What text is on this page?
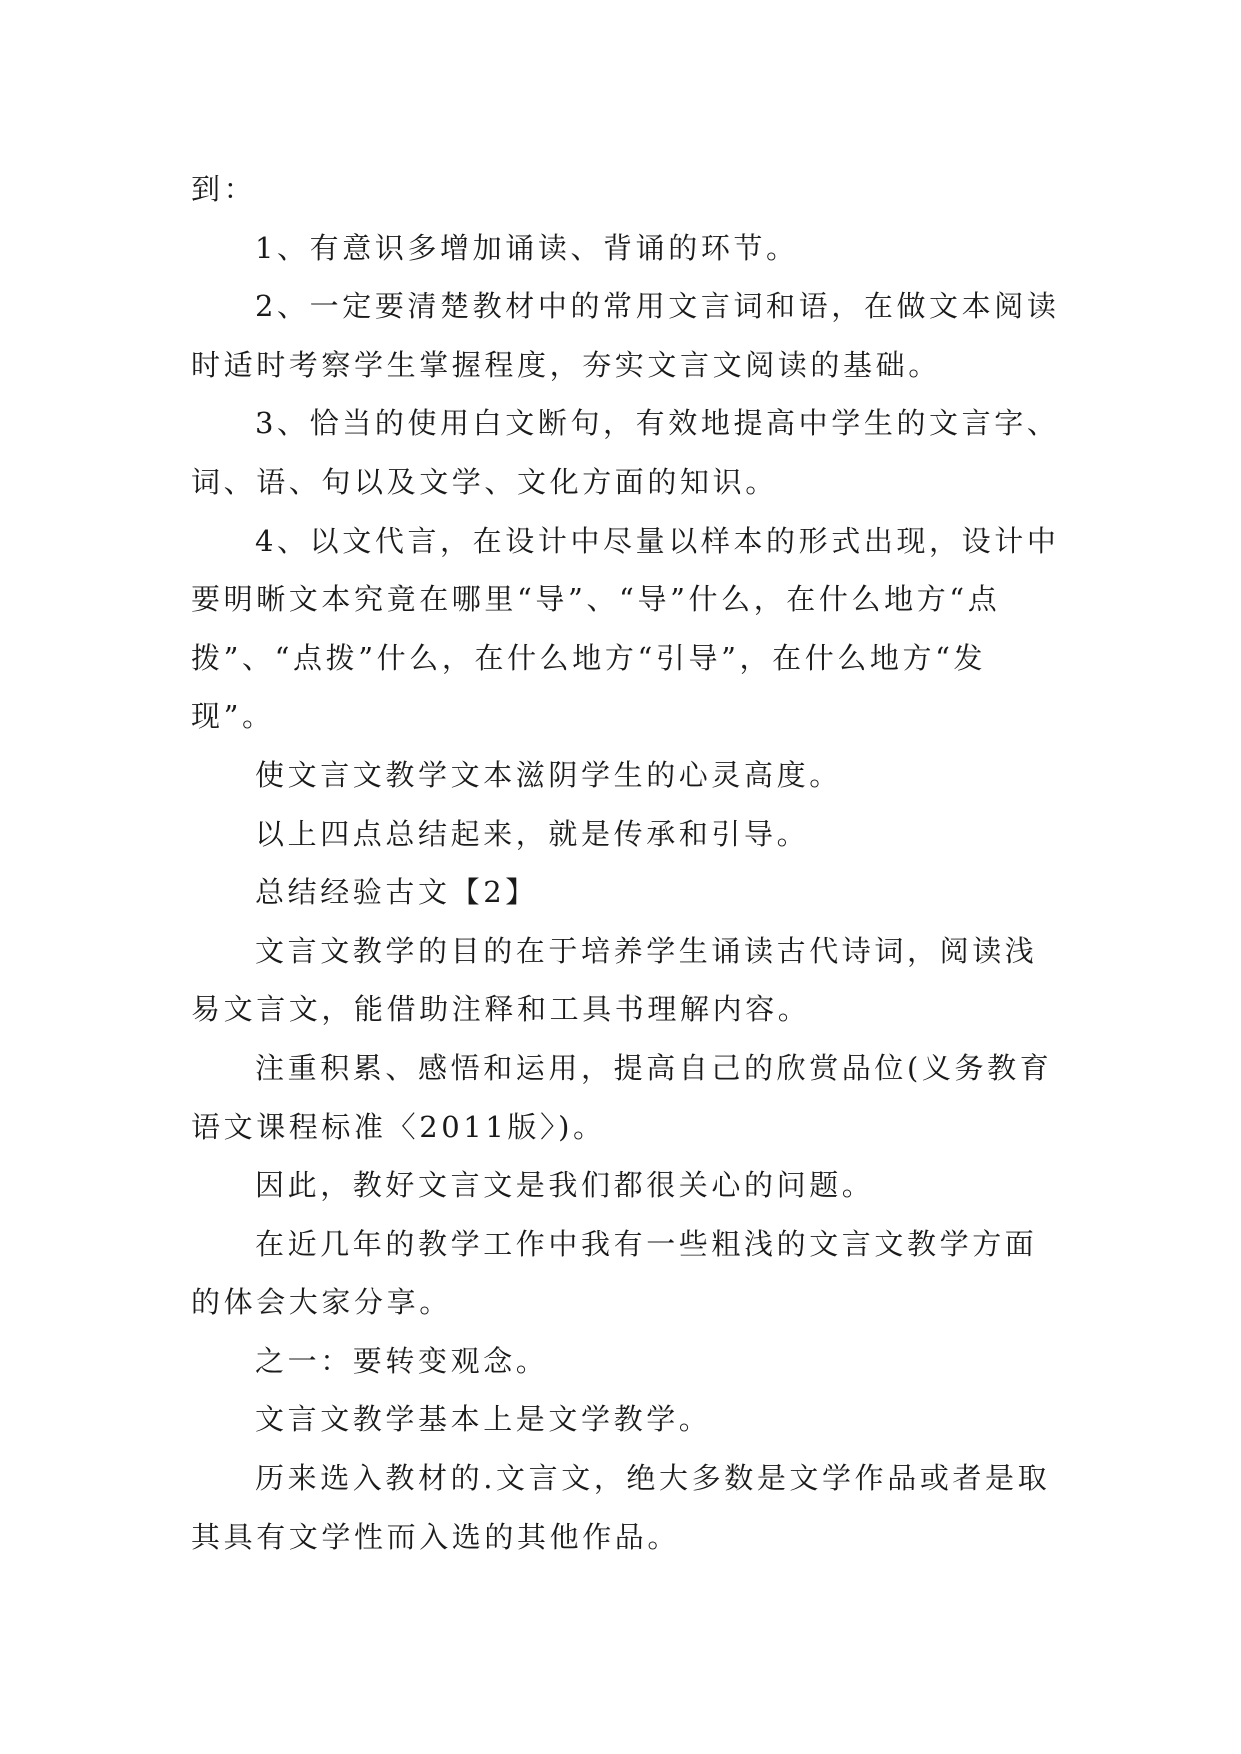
到：

1、有意识多增加诵读、背诵的环节。

2、一定要清楚教材中的常用文言词和语，在做文本阅读时适时考察学生掌握程度，夯实文言文阅读的基础。

3、恰当的使用白文断句，有效地提高中学生的文言字、词、语、句以及文学、文化方面的知识。

4、以文代言，在设计中尽量以样本的形式出现，设计中要明晰文本究竟在哪里“导”、“导”什么，在什么地方“点拨”、“点拨”什么，在什么地方“引导”，在什么地方“发现”。

使文言文教学文本滋阴学生的心灵高度。

以上四点总结起来，就是传承和引导。

总结经验古文【2】

文言文教学的目的在于培养学生诵读古代诗词，阅读浅易文言文，能借助注释和工具书理解内容。

注重积累、感悟和运用，提高自己的欣赏品位(义务教育语文课程标准〈2011版〉)。

因此，教好文言文是我们都很关心的问题。

在近几年的教学工作中我有一些粗浅的文言文教学方面的体会大家分享。

之一：要转变观念。

文言文教学基本上是文学教学。

历来选入教材的.文言文，绝大多数是文学作品或者是取其具有文学性而入选的其他作品。
